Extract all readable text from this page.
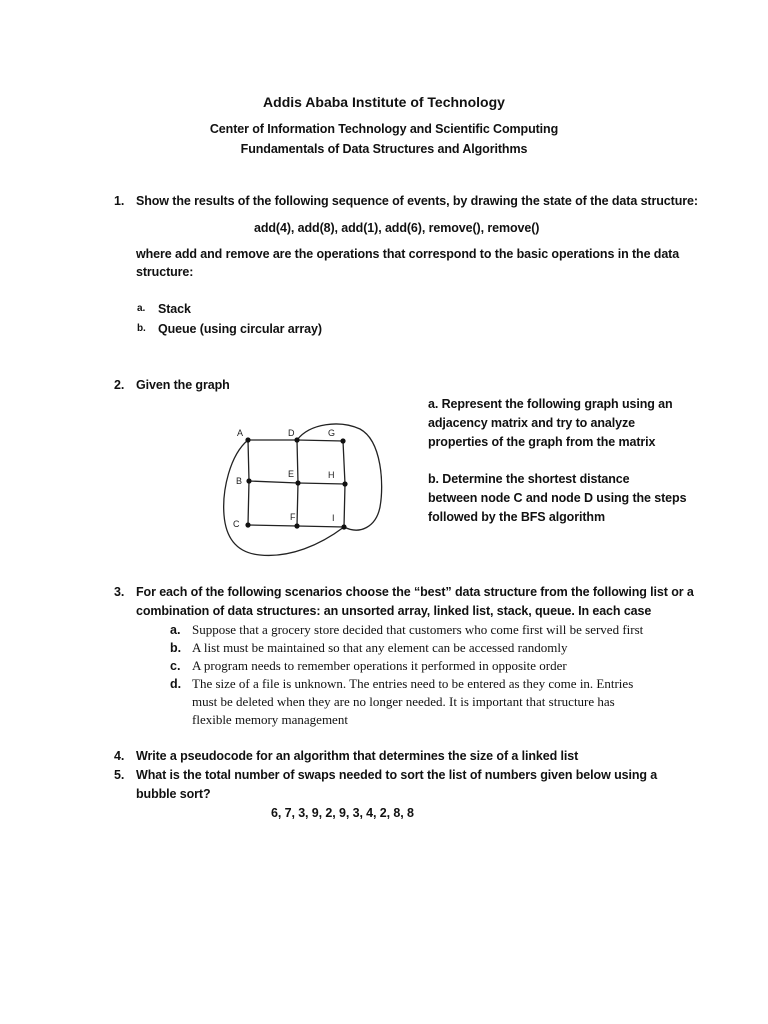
Addis Ababa Institute of Technology
Center of Information Technology and Scientific Computing
Fundamentals of Data Structures and Algorithms
1. Show the results of the following sequence of events, by drawing the state of the data structure:
add(4), add(8), add(1), add(6), remove(), remove()
where add and remove are the operations that correspond to the basic operations in the data
structure:
a. Stack
b. Queue (using circular array)
2. Given the graph
a. Represent the following graph using an
adjacency matrix and try to analyze
properties of the graph from the matrix
b. Determine the shortest distance
between node C and node D using the steps
followed by the BFS algorithm
A	D	G
B
E	H
C
F	I
3. For each of the following scenarios choose the “best” data structure from the following list or a
combination of data structures: an unsorted array, linked list, stack, queue. In each case
a. Suppose that a grocery store decided that customers who come first will be served first
b. A list must be maintained so that any element can be accessed randomly
c. A program needs to remember operations it performed in opposite order
d. The size of a file is unknown. The entries need to be entered as they come in. Entries
must be deleted when they are no longer needed. It is important that structure has
flexible memory management
4. Write a pseudocode for an algorithm that determines the size of a linked list
5. What is the total number of swaps needed to sort the list of numbers given below using a
bubble sort?
6, 7, 3, 9, 2, 9, 3, 4, 2, 8, 8
